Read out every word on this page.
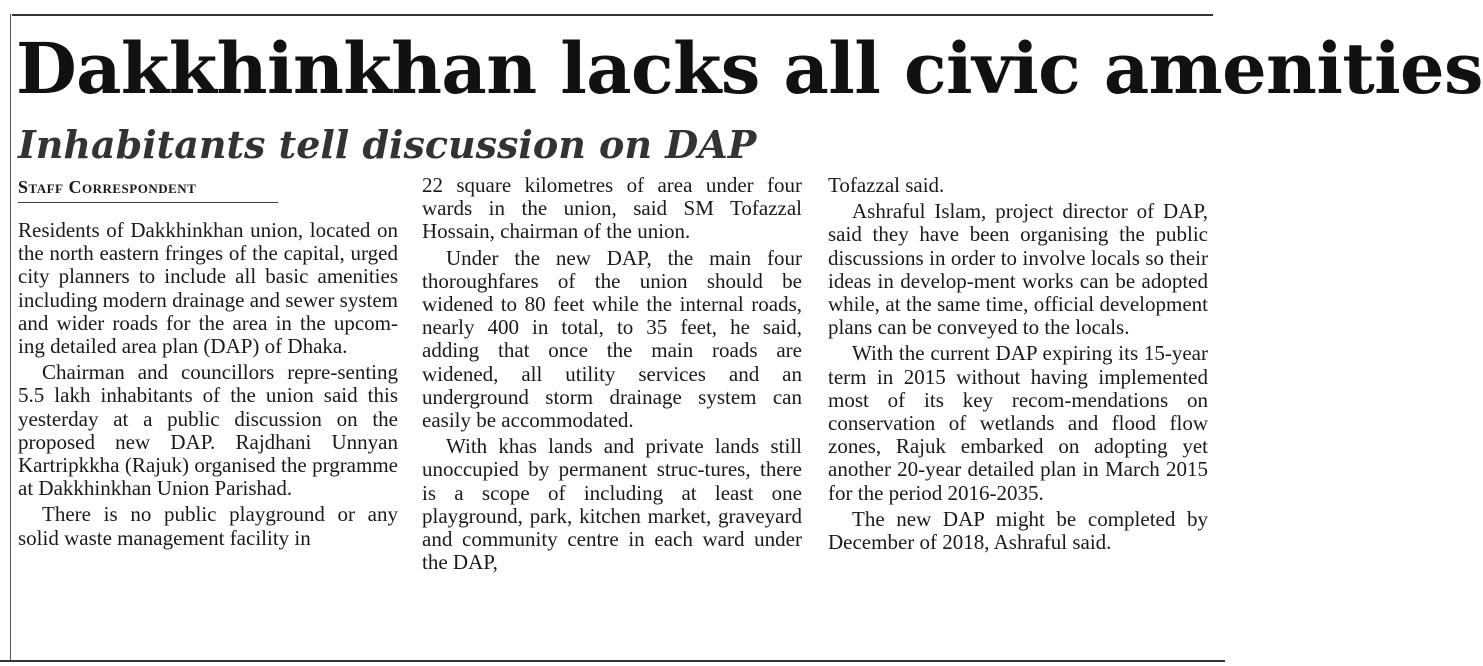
Dakkhinkhan lacks all civic amenities
Inhabitants tell discussion on DAP
Staff Correspondent

Residents of Dakkhinkhan union, located on the north eastern fringes of the capital, urged city planners to include all basic amenities including modern drainage and sewer system and wider roads for the area in the upcom-ing detailed area plan (DAP) of Dhaka.

Chairman and councillors repre-senting 5.5 lakh inhabitants of the union said this yesterday at a public discussion on the proposed new DAP. Rajdhani Unnyan Kartripkkha (Rajuk) organised the prgramme at Dakkhinkhan Union Parishad.

There is no public playground or any solid waste management facility in

22 square kilometres of area under four wards in the union, said SM Tofazzal Hossain, chairman of the union.

Under the new DAP, the main four thoroughfares of the union should be widened to 80 feet while the internal roads, nearly 400 in total, to 35 feet, he said, adding that once the main roads are widened, all utility services and an underground storm drainage system can easily be accommodated.

With khas lands and private lands still unoccupied by permanent struc-tures, there is a scope of including at least one playground, park, kitchen market, graveyard and community centre in each ward under the DAP,

Tofazzal said.

Ashraful Islam, project director of DAP, said they have been organising the public discussions in order to involve locals so their ideas in develop-ment works can be adopted while, at the same time, official development plans can be conveyed to the locals.

With the current DAP expiring its 15-year term in 2015 without having implemented most of its key recom-mendations on conservation of wetlands and flood flow zones, Rajuk embarked on adopting yet another 20-year detailed plan in March 2015 for the period 2016-2035.

The new DAP might be completed by December of 2018, Ashraful said.
